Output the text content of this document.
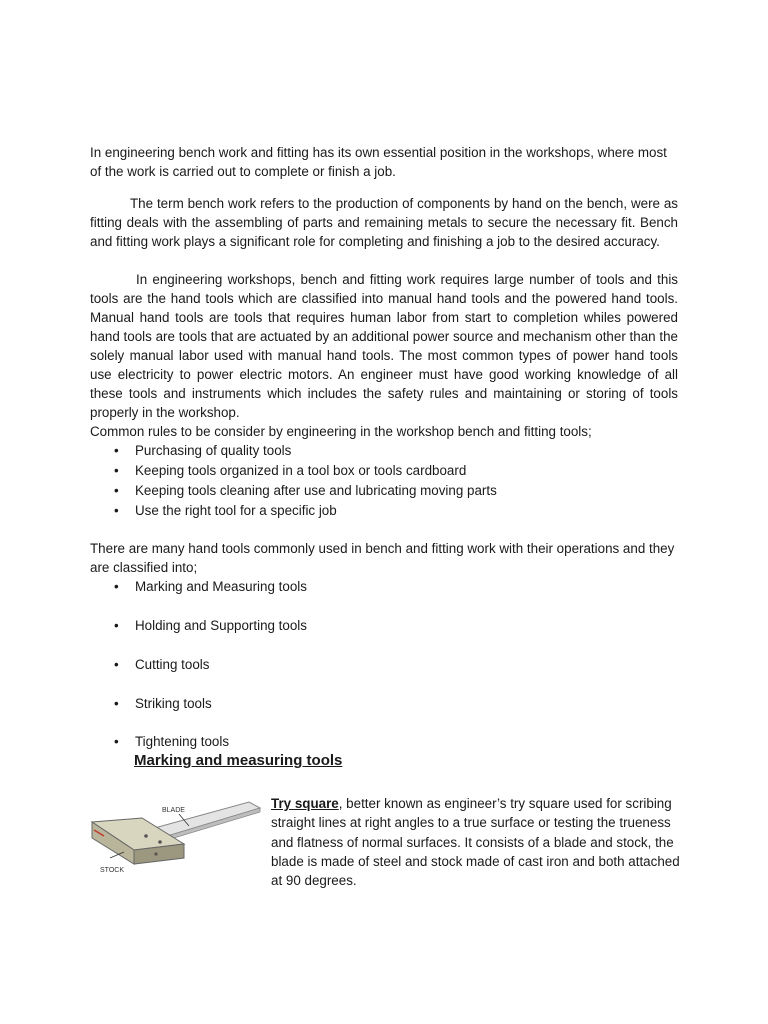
In engineering bench work and fitting has its own essential position in the workshops, where most of the work is carried out to complete or finish a job.

The term bench work refers to the production of components by hand on the bench, were as fitting deals with the assembling of parts and remaining metals to secure the necessary fit. Bench and fitting work plays a significant role for completing and finishing a job to the desired accuracy.

In engineering workshops, bench and fitting work requires large number of tools and this tools are the hand tools which are classified into manual hand tools and the powered hand tools. Manual hand tools are tools that requires human labor from start to completion whiles powered hand tools are tools that are actuated by an additional power source and mechanism other than the solely manual labor used with manual hand tools. The most common types of power hand tools use electricity to power electric motors. An engineer must have good working knowledge of all these tools and instruments which includes the safety rules and maintaining or storing of tools properly in the workshop.

Common rules to be consider by engineering in the workshop bench and fitting tools;

• Purchasing of quality tools
• Keeping tools organized in a tool box or tools cardboard
• Keeping tools cleaning after use and lubricating moving parts
• Use the right tool for a specific job

There are many hand tools commonly used in bench and fitting work with their operations and they are classified into;

• Marking and Measuring tools
• Holding and Supporting tools
• Cutting tools
• Striking tools
• Tightening tools
Marking and measuring tools
BLADE
STOCK

Try square, better known as engineer’s try square used for scribing straight lines at right angles to a true surface or testing the trueness and flatness of normal surfaces. It consists of a blade and stock, the blade is made of steel and stock made of cast iron and both attached at 90 degrees.
